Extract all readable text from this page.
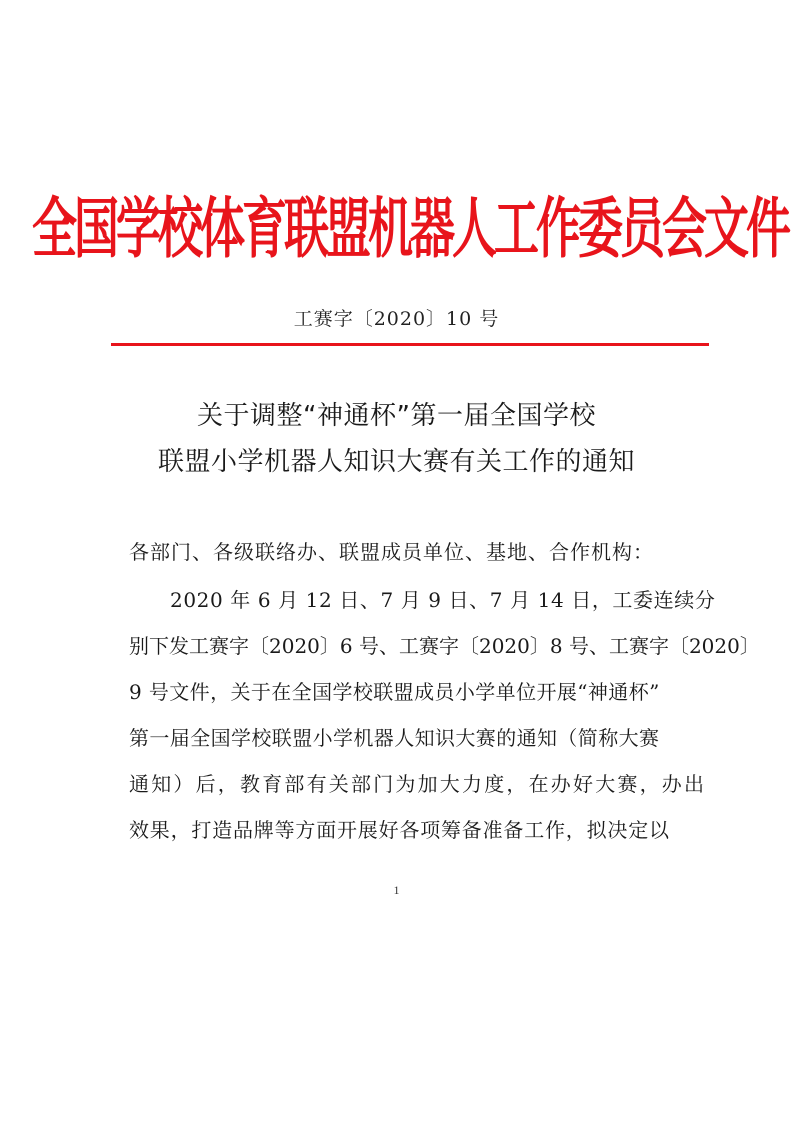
全国学校体育联盟机器人工作委员会文件
工赛字〔2020〕10 号
关于调整“神通杯”第一届全国学校
联盟小学机器人知识大赛有关工作的通知
各部门、各级联络办、联盟成员单位、基地、合作机构：
2020 年 6 月 12 日、7 月 9 日、7 月 14 日，工委连续分
别下发工赛字〔2020〕6 号、工赛字〔2020〕8 号、工赛字〔2020〕
9 号文件，关于在全国学校联盟成员小学单位开展“神通杯”
第一届全国学校联盟小学机器人知识大赛的通知（简称大赛
通知）后，教育部有关部门为加大力度，在办好大赛，办出
效果，打造品牌等方面开展好各项筹备准备工作，拟决定以
1
